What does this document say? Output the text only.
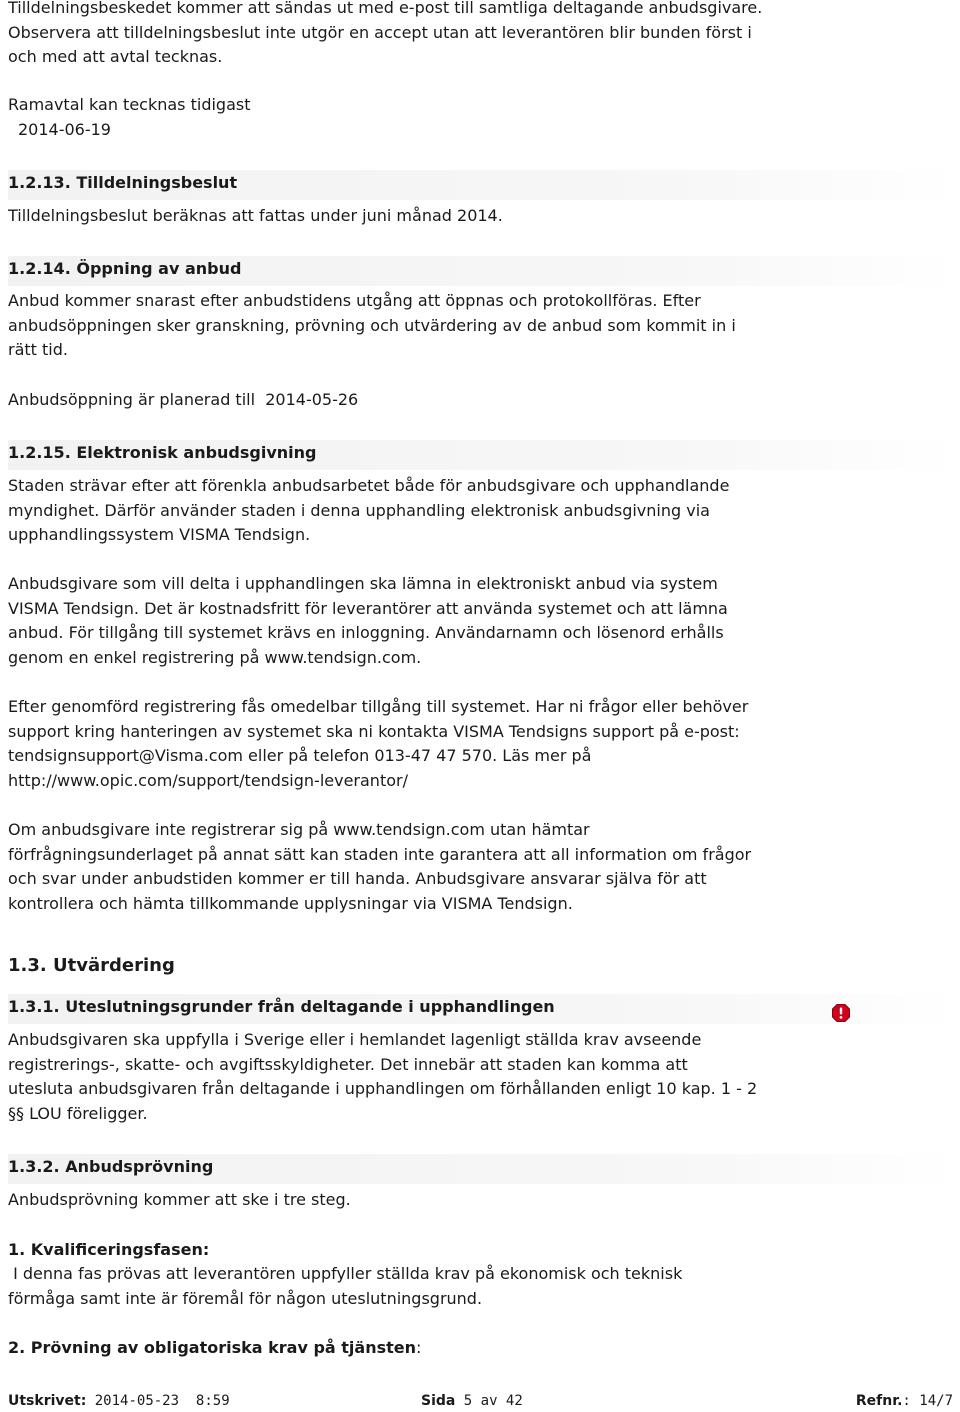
Tilldelningsbeskedet kommer att sändas ut med e-post till samtliga deltagande anbudsgivare.

Observera att tilldelningsbeslut inte utgör en accept utan att leverantören blir bunden först i

och med att avtal tecknas.

Ramavtal kan tecknas tidigast

2014-06-19

1.2.13. Tilldelningsbeslut

Tilldelningsbeslut beräknas att fattas under juni månad 2014.

1.2.14. Öppning av anbud

Anbud kommer snarast efter anbudstidens utgång att öppnas och protokollföras. Efter

anbudsöppningen sker granskning, prövning och utvärdering av de anbud som kommit in i

rätt tid.

Anbudsöppning är planerad till 2014-05-26

1.2.15. Elektronisk anbudsgivning

Staden strävar efter att förenkla anbudsarbetet både för anbudsgivare och upphandlande

myndighet. Därför använder staden i denna upphandling elektronisk anbudsgivning via

upphandlingssystem VISMA Tendsign.

Anbudsgivare som vill delta i upphandlingen ska lämna in elektroniskt anbud via system

VISMA Tendsign. Det är kostnadsfritt för leverantörer att använda systemet och att lämna

anbud. För tillgång till systemet krävs en inloggning. Användarnamn och lösenord erhålls

genom en enkel registrering på www.tendsign.com.

Efter genomförd registrering fås omedelbar tillgång till systemet. Har ni frågor eller behöver

support kring hanteringen av systemet ska ni kontakta VISMA Tendsigns support på e-post:

tendsignsupport@Visma.com eller på telefon 013-47 47 570. Läs mer på

http://www.opic.com/support/tendsign-leverantor/

Om anbudsgivare inte registrerar sig på www.tendsign.com utan hämtar

förfrågningsunderlaget på annat sätt kan staden inte garantera att all information om frågor

och svar under anbudstiden kommer er till handa. Anbudsgivare ansvarar själva för att

kontrollera och hämta tillkommande upplysningar via VISMA Tendsign.

1.3. Utvärdering
1.3.1. Uteslutningsgrunder från deltagande i upphandlingen

Anbudsgivaren ska uppfylla i Sverige eller i hemlandet lagenligt ställda krav avseende

registrerings-, skatte- och avgiftsskyldigheter. Det innebär att staden kan komma att

utesluta anbudsgivaren från deltagande i upphandlingen om förhållanden enligt 10 kap. 1 - 2

§§ LOU föreligger.

1.3.2. Anbudsprövning

Anbudsprövning kommer att ske i tre steg.

1. Kvalificeringsfasen:

I denna fas prövas att leverantören uppfyller ställda krav på ekonomisk och teknisk

förmåga samt inte är föremål för någon uteslutningsgrund.

2. Prövning av obligatoriska krav på tjänsten:

Utskrivet: 2014-05-23  8:59	Sida 5 av 42	Refnr.: 14/7
